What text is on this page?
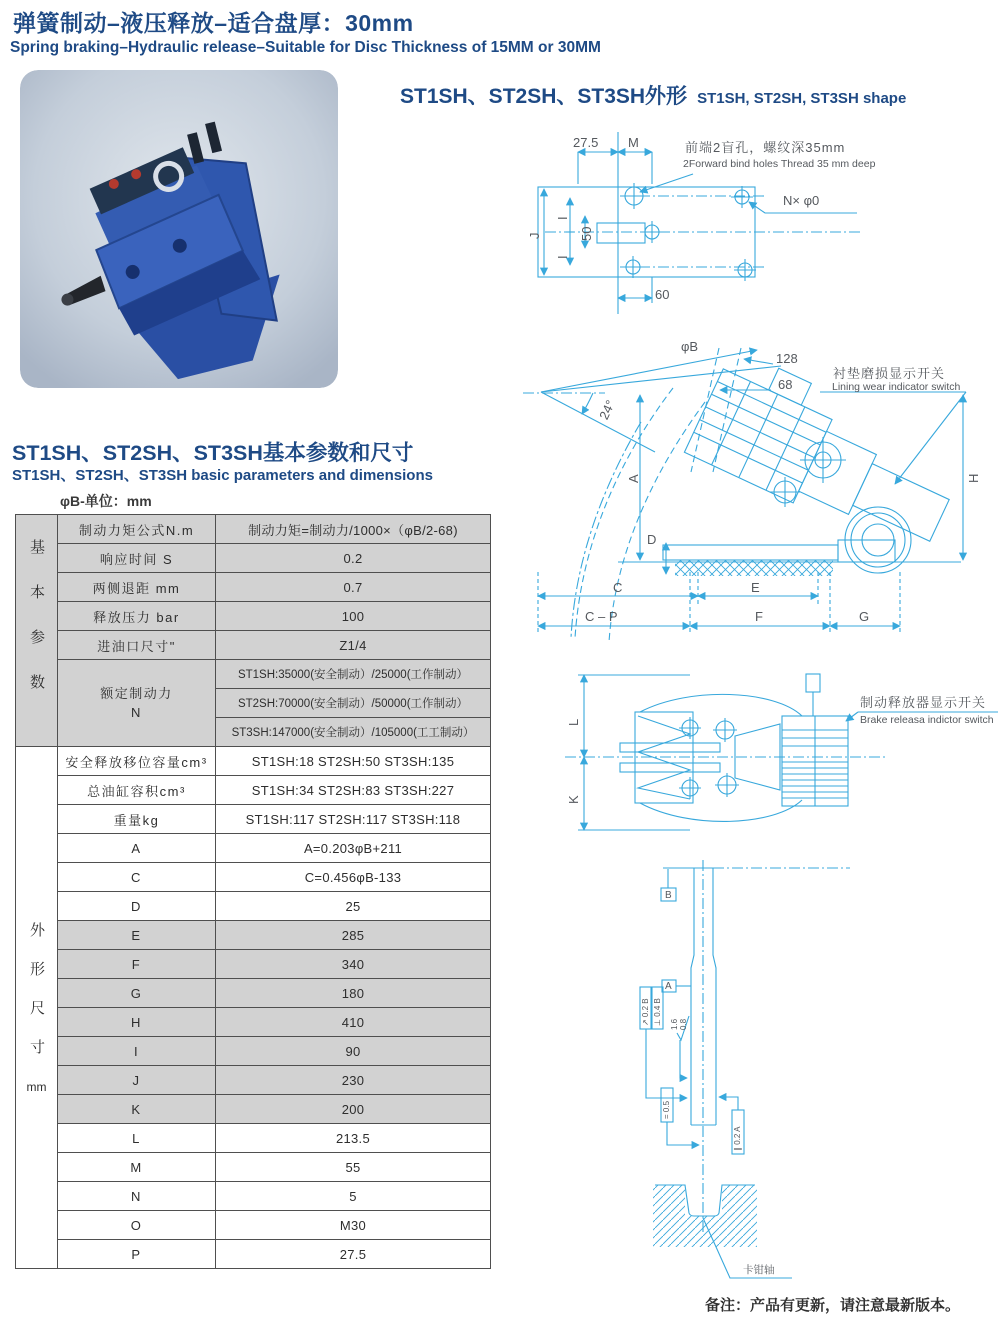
弹簧制动–液压释放–适合盘厚：30mm
Spring braking–Hydraulic release–Suitable for Disc Thickness of 15MM or 30MM
ST1SH、ST2SH、ST3SH外形 ST1SH, ST2SH, ST3SH shape
27.5 M	前端2盲孔，螺纹深35mm
2Forward bind holes Thread 35 mm deep
N× φ0
60
J
I
50
I
φB
128
68
24°
衬垫磨损显示开关
Lining wear indicator switch
A	H
D
C	E
C – P	F	G
L
K
制动释放器显示开关
Brake releasa indictor switch
B
A
↗ 0.2 B ⊥ 0.4 B 1.6 0.8
= 0.5
∥ 0.2 A
卡钳轴
ST1SH、ST2SH、ST3SH基本参数和尺寸
ST1SH、ST2SH、ST3SH basic parameters and dimensions
φB-单位：mm
基本参数	制动力矩公式N.m	制动力矩=制动力/1000×（φB/2-68)
	响应时间 S	0.2
	两侧退距 mm	0.7
	释放压力 bar	100
	进油口尺寸"	Z1/4

	额定制动力
N	ST1SH:35000(安全制动）/25000(工作制动）
		ST2SH:70000(安全制动）/50000(工作制动）
		ST3SH:147000(安全制动）/105000(工工制动）

外形尺寸
mm	安全释放移位容量cm³	ST1SH:18 ST2SH:50 ST3SH:135
	总油缸容积cm³	ST1SH:34 ST2SH:83 ST3SH:227
	重量kg	ST1SH:117 ST2SH:117 ST3SH:118
	A	A=0.203φB+211
	C	C=0.456φB-133
	D	25
	E	285
	F	340
	G	180
	H	410
	I	90
	J	230
	K	200
	L	213.5
	M	55
	N	5
	O	M30
	P	27.5
备注：产品有更新，请注意最新版本。
